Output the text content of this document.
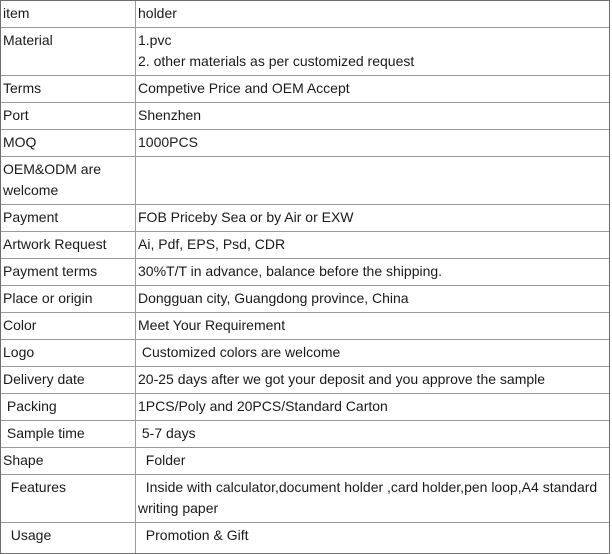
item	holder
Material	1.pvc
2. other materials as per customized request
Terms	Competive Price and OEM Accept
Port	Shenzhen
MOQ	1000PCS
OEM&ODM are welcome	
Payment	FOB Priceby Sea or by Air or EXW
Artwork Request	Ai, Pdf, EPS, Psd, CDR
Payment terms	30%T/T in advance, balance before the shipping.
Place or origin	Dongguan city, Guangdong province, China
Color	Meet Your Requirement
Logo	Customized colors are welcome
Delivery date	20-25 days after we got your deposit and you approve the sample
Packing	1PCS/Poly and 20PCS/Standard Carton
Sample time	5-7 days
Shape	Folder
Features	Inside with calculator,document holder ,card holder,pen loop,A4 standard writing paper
Usage	Promotion & Gift
